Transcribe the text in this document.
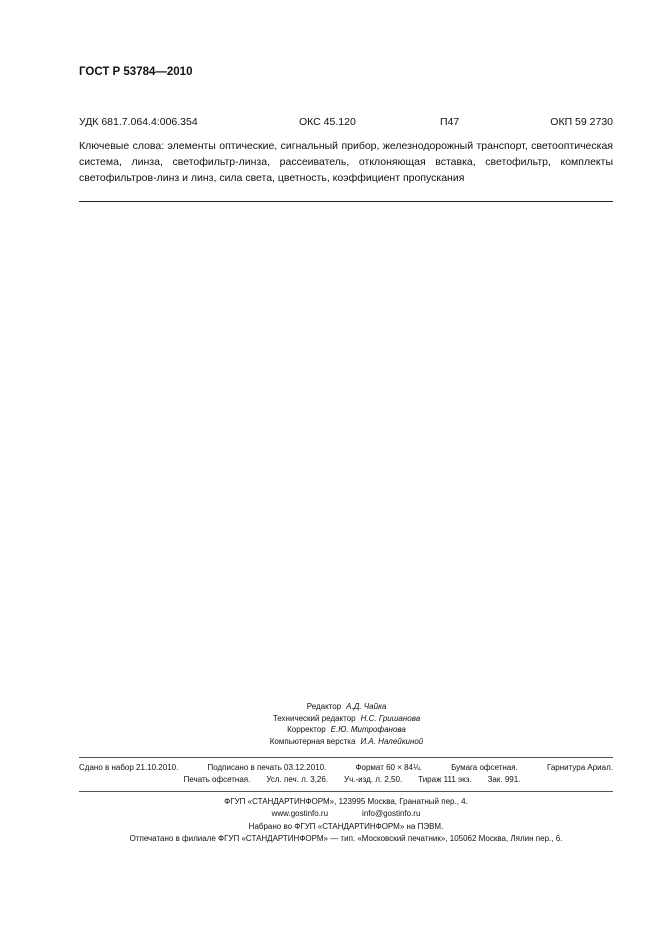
ГОСТ Р 53784—2010
УДК 681.7.064.4:006.354	ОКС 45.120	П47	ОКП 59 2730

Ключевые слова: элементы оптические, сигнальный прибор, железнодорожный транспорт, светооптическая система, линза, светофильтр-линза, рассеиватель, отклоняющая вставка, светофильтр, комплекты светофильтров-линз и линз, сила света, цветность, коэффициент пропускания

Редактор А.Д. Чайка
Технический редактор Н.С. Гришанова
Корректор Е.Ю. Митрофанова
Компьютерная верстка И.А. Налейкиной
Сдано в набор 21.10.2010.	Подписано в печать 03.12.2010.	Формат 60 × 84⅛.	Бумага офсетная.	Гарнитура Ариал.
Печать офсетная. Усл. печ. л. 3,26. Уч.-изд. л. 2,50. Тираж 111 экз. Зак. 991.
ФГУП «СТАНДАРТИНФОРМ», 123995 Москва, Гранатный пер., 4.
www.gostinfo.ru	info@gostinfo.ru
Набрано во ФГУП «СТАНДАРТИНФОРМ» на ПЭВМ.
Отпечатано в филиале ФГУП «СТАНДАРТИНФОРМ» — тип. «Московский печатник», 105062 Москва, Лялин пер., 6.
